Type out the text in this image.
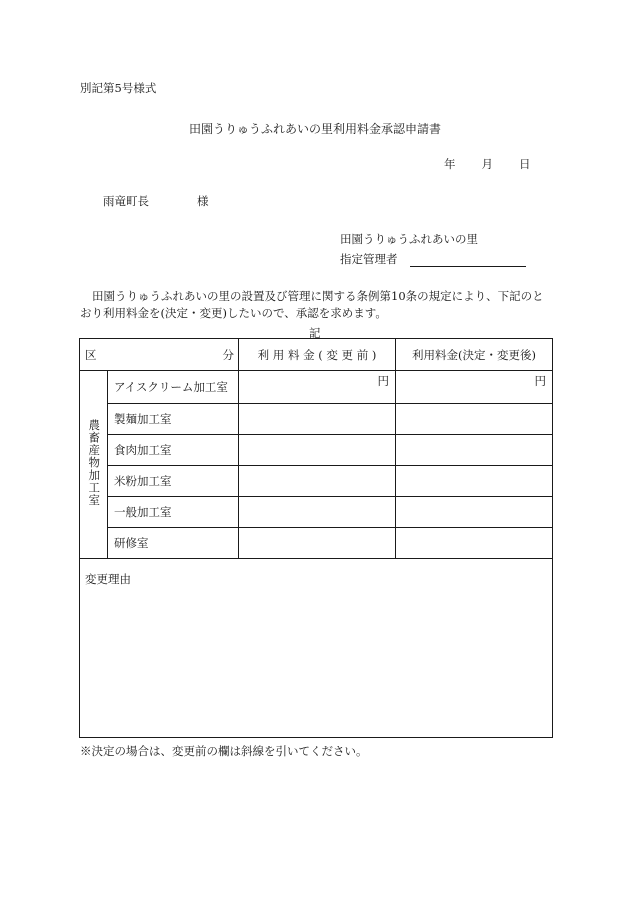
別記第5号様式
田園うりゅうふれあいの里利用料金承認申請書
年 月 日
雨竜町長	様
田園うりゅうふれあいの里
指定管理者
田園うりゅうふれあいの里の設置及び管理に関する条例第10条の規定により、下記のとおり利用料金を(決定・変更)したいので、承認を求めます。
記
区 分		利 用 料 金 ( 変 更 前 )	利用料金(決定・変更後)
農畜産物加工室	アイスクリーム加工室	円	円
	製麺加工室		
	食肉加工室		
	米粉加工室		
	一般加工室		
	研修室		
変更理由
※決定の場合は、変更前の欄は斜線を引いてください。
